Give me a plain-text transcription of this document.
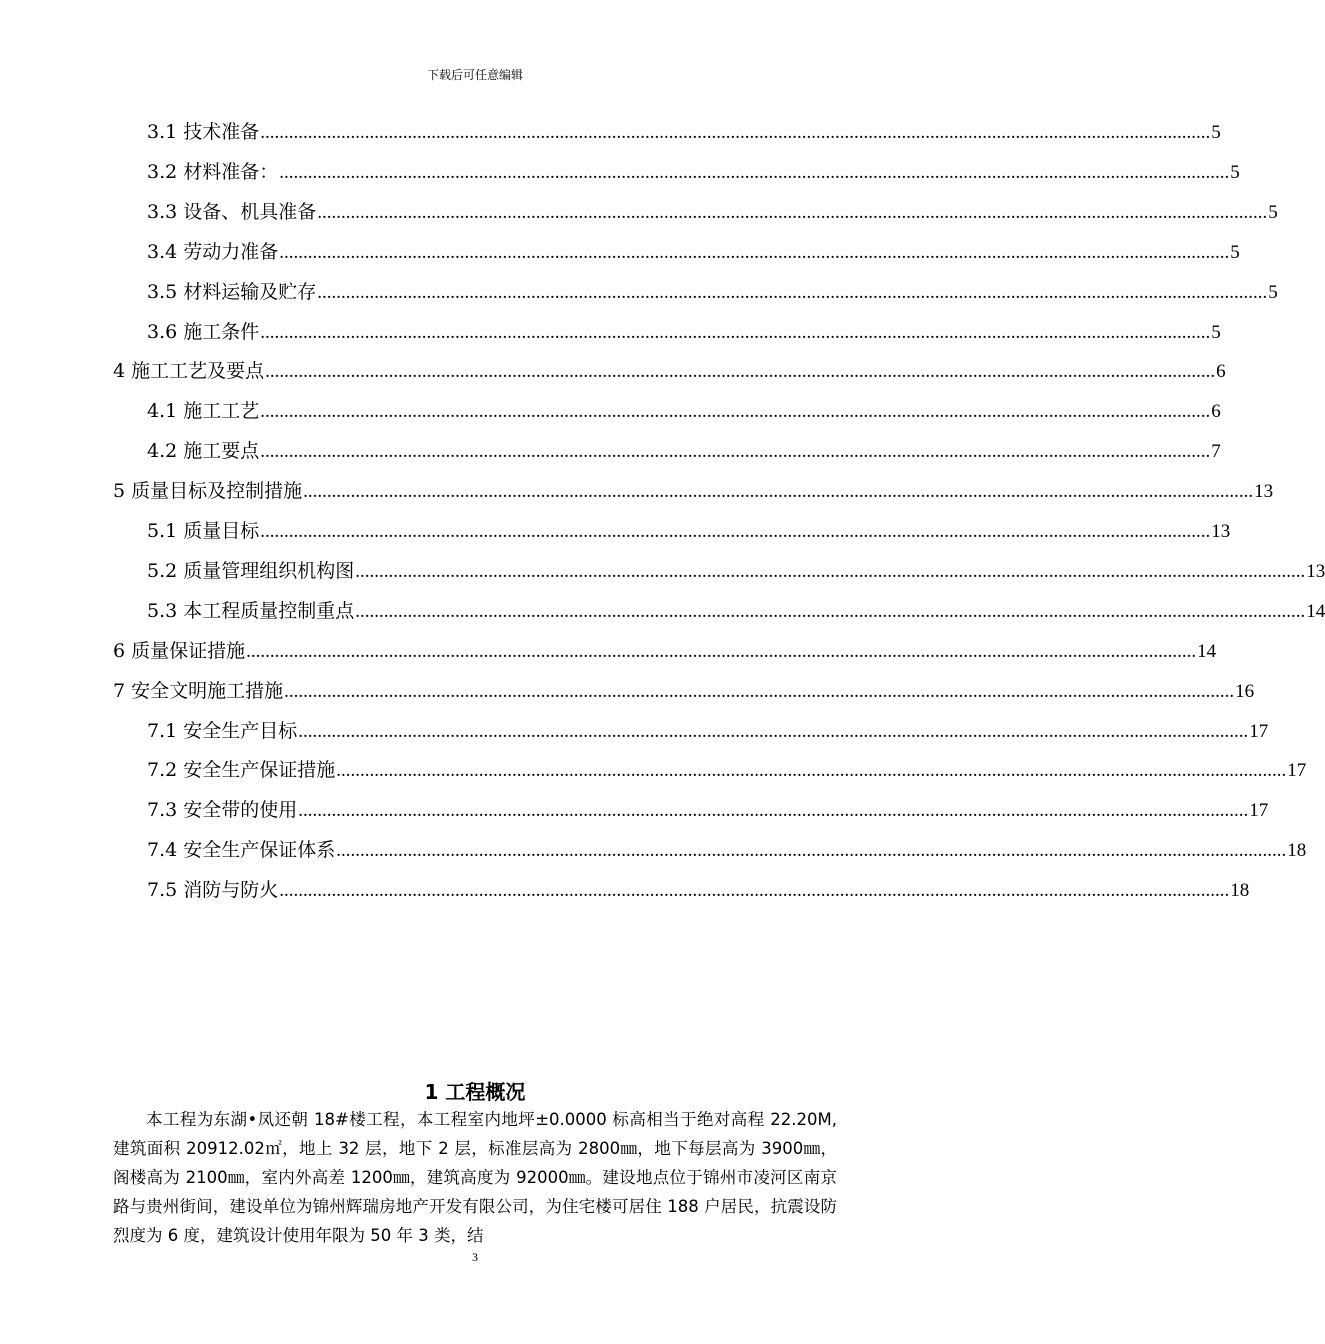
下载后可任意编辑
3.1 技术准备 ........................................................................................................................................................................................................ 5
3.2 材料准备： ........................................................................................................................................................................................................ 5
3.3 设备、机具准备 ........................................................................................................................................................................................................ 5
3.4 劳动力准备 ........................................................................................................................................................................................................ 5
3.5 材料运输及贮存 ........................................................................................................................................................................................................ 5
3.6 施工条件 ........................................................................................................................................................................................................ 5
4 施工工艺及要点 ........................................................................................................................................................................................................ 6
4.1 施工工艺 ........................................................................................................................................................................................................ 6
4.2 施工要点 ........................................................................................................................................................................................................ 7
5 质量目标及控制措施 ........................................................................................................................................................................................................ 13
5.1 质量目标 ........................................................................................................................................................................................................ 13
5.2 质量管理组织机构图 ........................................................................................................................................................................................................ 13
5.3 本工程质量控制重点 ........................................................................................................................................................................................................ 14
6 质量保证措施 ........................................................................................................................................................................................................ 14
7 安全文明施工措施 ........................................................................................................................................................................................................ 16
7.1 安全生产目标 ........................................................................................................................................................................................................ 17
7.2 安全生产保证措施 ........................................................................................................................................................................................................ 17
7.3 安全带的使用 ........................................................................................................................................................................................................ 17
7.4 安全生产保证体系 ........................................................................................................................................................................................................ 18
7.5 消防与防火 ........................................................................................................................................................................................................ 18
1 工程概况
本工程为东湖•凤还朝 18#楼工程，本工程室内地坪±0.0000 标高相当于绝对高程 22.20M,建筑面积 20912.02㎡，地上 32 层，地下 2 层，标准层高为 2800㎜，地下每层高为 3900㎜，阁楼高为 2100㎜，室内外高差 1200㎜，建筑高度为 92000㎜。建设地点位于锦州市凌河区南京路与贵州街间，建设单位为锦州辉瑞房地产开发有限公司，为住宅楼可居住 188 户居民，抗震设防烈度为 6 度，建筑设计使用年限为 50 年 3 类，结
3
